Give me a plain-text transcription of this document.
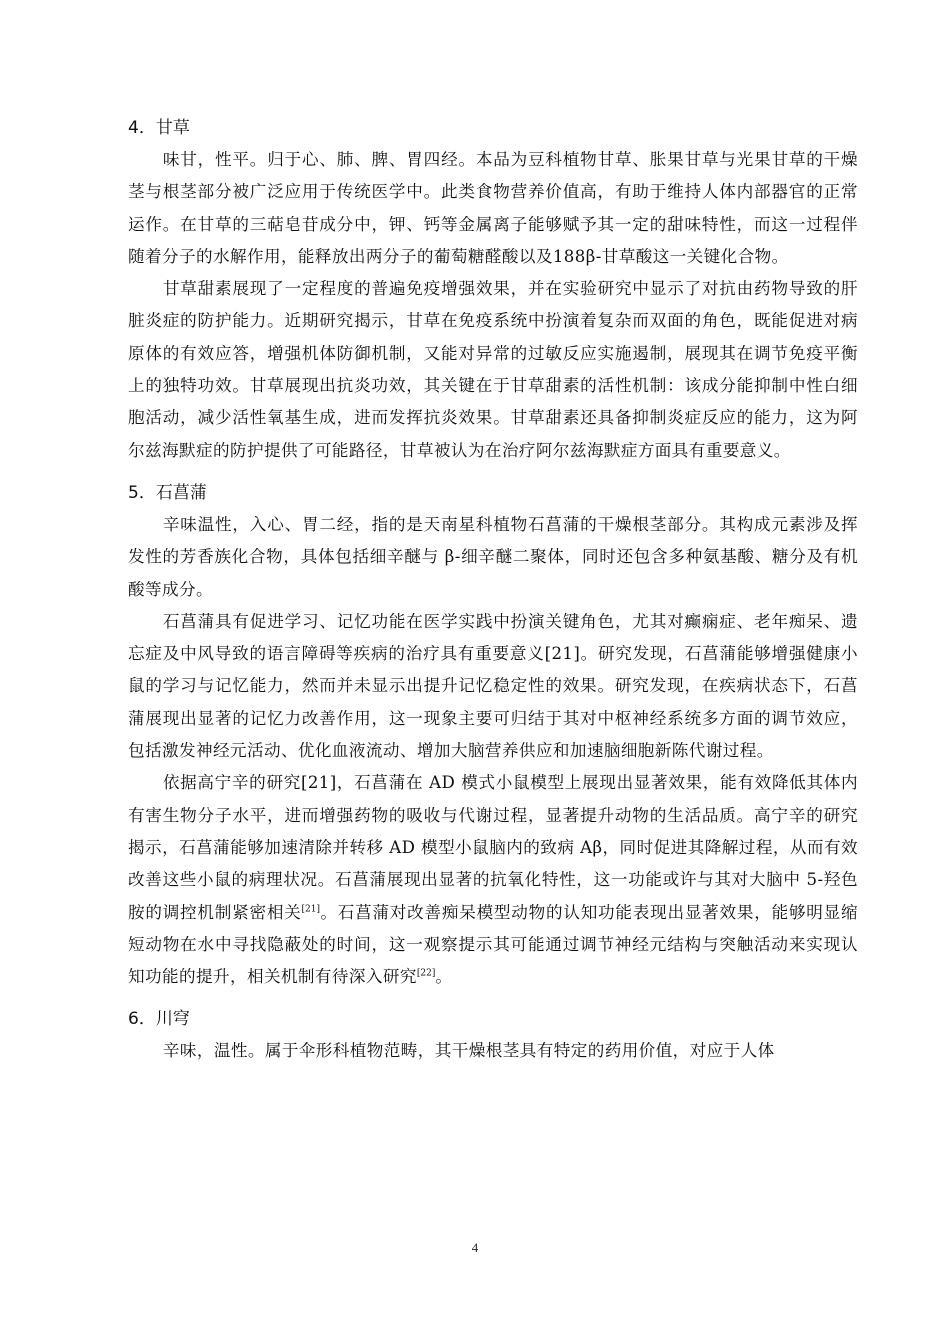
4．甘草

味甘，性平。归于心、肺、脾、胃四经。本品为豆科植物甘草、胀果甘草与光果甘草的干燥茎与根茎部分被广泛应用于传统医学中。此类食物营养价值高，有助于维持人体内部器官的正常运作。在甘草的三萜皂苷成分中，钾、钙等金属离子能够赋予其一定的甜味特性，而这一过程伴随着分子的水解作用，能释放出两分子的葡萄糖醛酸以及188β-甘草酸这一关键化合物。

甘草甜素展现了一定程度的普遍免疫增强效果，并在实验研究中显示了对抗由药物导致的肝脏炎症的防护能力。近期研究揭示，甘草在免疫系统中扮演着复杂而双面的角色，既能促进对病原体的有效应答，增强机体防御机制，又能对异常的过敏反应实施遏制，展现其在调节免疫平衡上的独特功效。甘草展现出抗炎功效，其关键在于甘草甜素的活性机制：该成分能抑制中性白细胞活动，减少活性氧基生成，进而发挥抗炎效果。甘草甜素还具备抑制炎症反应的能力，这为阿尔兹海默症的防护提供了可能路径，甘草被认为在治疗阿尔兹海默症方面具有重要意义。

5．石菖蒲

辛味温性，入心、胃二经，指的是天南星科植物石菖蒲的干燥根茎部分。其构成元素涉及挥发性的芳香族化合物，具体包括细辛醚与 β-细辛醚二聚体，同时还包含多种氨基酸、糖分及有机酸等成分。

石菖蒲具有促进学习、记忆功能在医学实践中扮演关键角色，尤其对癫痫症、老年痴呆、遗忘症及中风导致的语言障碍等疾病的治疗具有重要意义[21]。研究发现，石菖蒲能够增强健康小鼠的学习与记忆能力，然而并未显示出提升记忆稳定性的效果。研究发现，在疾病状态下，石菖蒲展现出显著的记忆力改善作用，这一现象主要可归结于其对中枢神经系统多方面的调节效应，包括激发神经元活动、优化血液流动、增加大脑营养供应和加速脑细胞新陈代谢过程。

依据高宁辛的研究[21]，石菖蒲在 AD 模式小鼠模型上展现出显著效果，能有效降低其体内有害生物分子水平，进而增强药物的吸收与代谢过程，显著提升动物的生活品质。高宁辛的研究揭示，石菖蒲能够加速清除并转移 AD 模型小鼠脑内的致病 Aβ，同时促进其降解过程，从而有效改善这些小鼠的病理状况。石菖蒲展现出显著的抗氧化特性，这一功能或许与其对大脑中 5-羟色胺的调控机制紧密相关[21]。石菖蒲对改善痴呆模型动物的认知功能表现出显著效果，能够明显缩短动物在水中寻找隐蔽处的时间，这一观察提示其可能通过调节神经元结构与突触活动来实现认知功能的提升，相关机制有待深入研究[22]。

6．川穹

辛味，温性。属于伞形科植物范畴，其干燥根茎具有特定的药用价值，对应于人体

4
